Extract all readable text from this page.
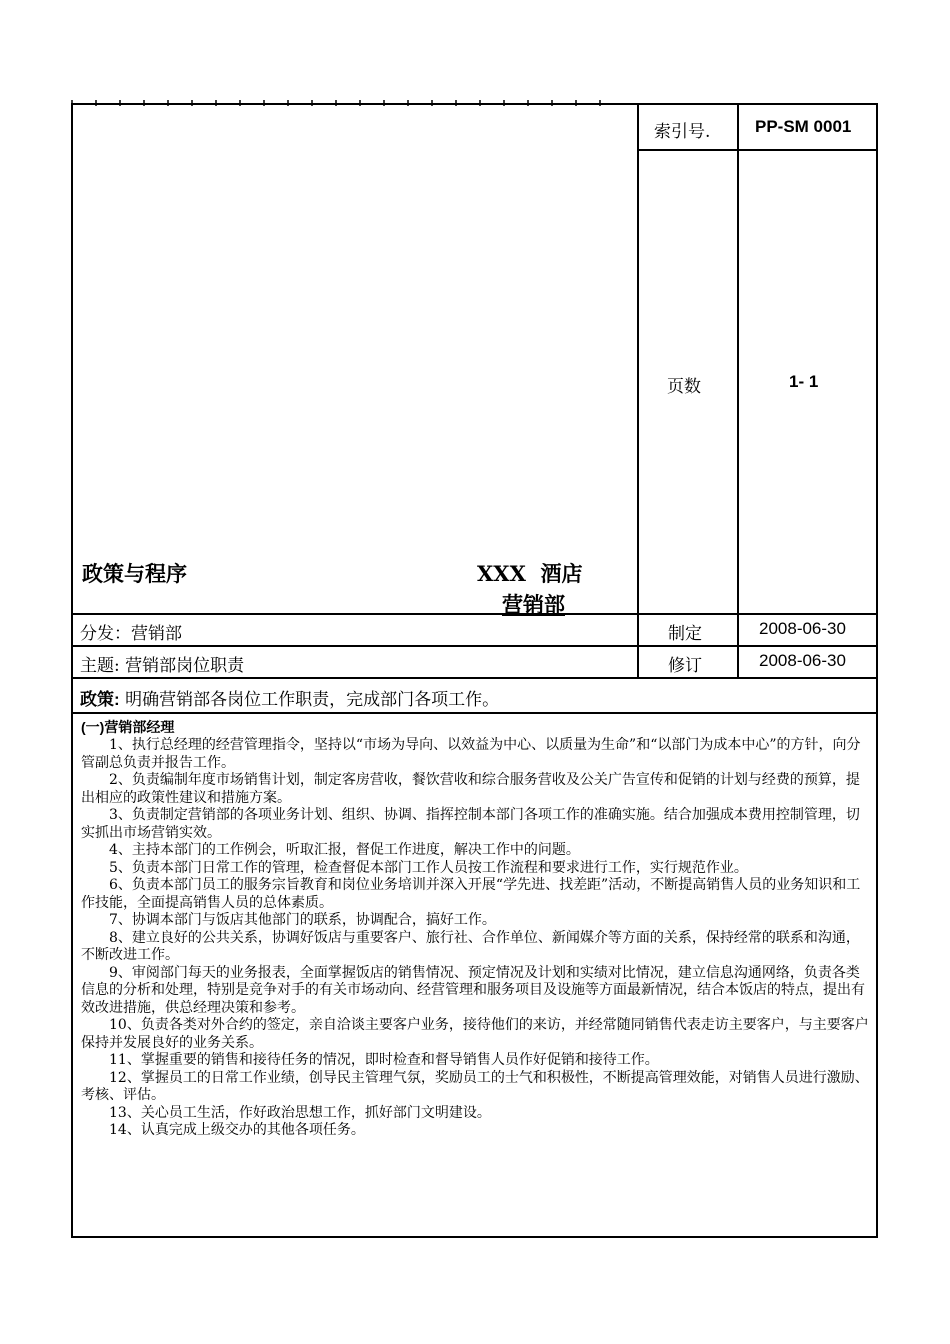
索引号.	PP-SM 0001
页数	1- 1
政策与程序	XXX  酒店
营销部
分发：营销部	制定	2008-06-30
主题: 营销部岗位职责	修订	2008-06-30
政策: 明确营销部各岗位工作职责，完成部门各项工作。
(一)营销部经理

1、执行总经理的经营管理指令，坚持以“市场为导向、以效益为中心、以质量为生命”和“以部门为成本中心”的方针，向分管副总负责并报告工作。

2、负责编制年度市场销售计划，制定客房营收，餐饮营收和综合服务营收及公关广告宣传和促销的计划与经费的预算，提出相应的政策性建议和措施方案。

3、负责制定营销部的各项业务计划、组织、协调、指挥控制本部门各项工作的准确实施。结合加强成本费用控制管理，切实抓出市场营销实效。

4、主持本部门的工作例会，听取汇报，督促工作进度，解决工作中的问题。

5、负责本部门日常工作的管理，检查督促本部门工作人员按工作流程和要求进行工作，实行规范作业。

6、负责本部门员工的服务宗旨教育和岗位业务培训并深入开展“学先进、找差距”活动，不断提高销售人员的业务知识和工作技能，全面提高销售人员的总体素质。

7、协调本部门与饭店其他部门的联系，协调配合，搞好工作。

8、建立良好的公共关系，协调好饭店与重要客户、旅行社、合作单位、新闻媒介等方面的关系，保持经常的联系和沟通，不断改进工作。

9、审阅部门每天的业务报表，全面掌握饭店的销售情况、预定情况及计划和实绩对比情况，建立信息沟通网络，负责各类信息的分析和处理，特别是竞争对手的有关市场动向、经营管理和服务项目及设施等方面最新情况，结合本饭店的特点，提出有效改进措施，供总经理决策和参考。

10、负责各类对外合约的签定，亲自洽谈主要客户业务，接待他们的来访，并经常随同销售代表走访主要客户，与主要客户保持并发展良好的业务关系。

11、掌握重要的销售和接待任务的情况，即时检查和督导销售人员作好促销和接待工作。

12、掌握员工的日常工作业绩，创导民主管理气氛，奖励员工的士气和积极性，不断提高管理效能，对销售人员进行激励、考核、评估。

13、关心员工生活，作好政治思想工作，抓好部门文明建设。

14、认真完成上级交办的其他各项任务。
